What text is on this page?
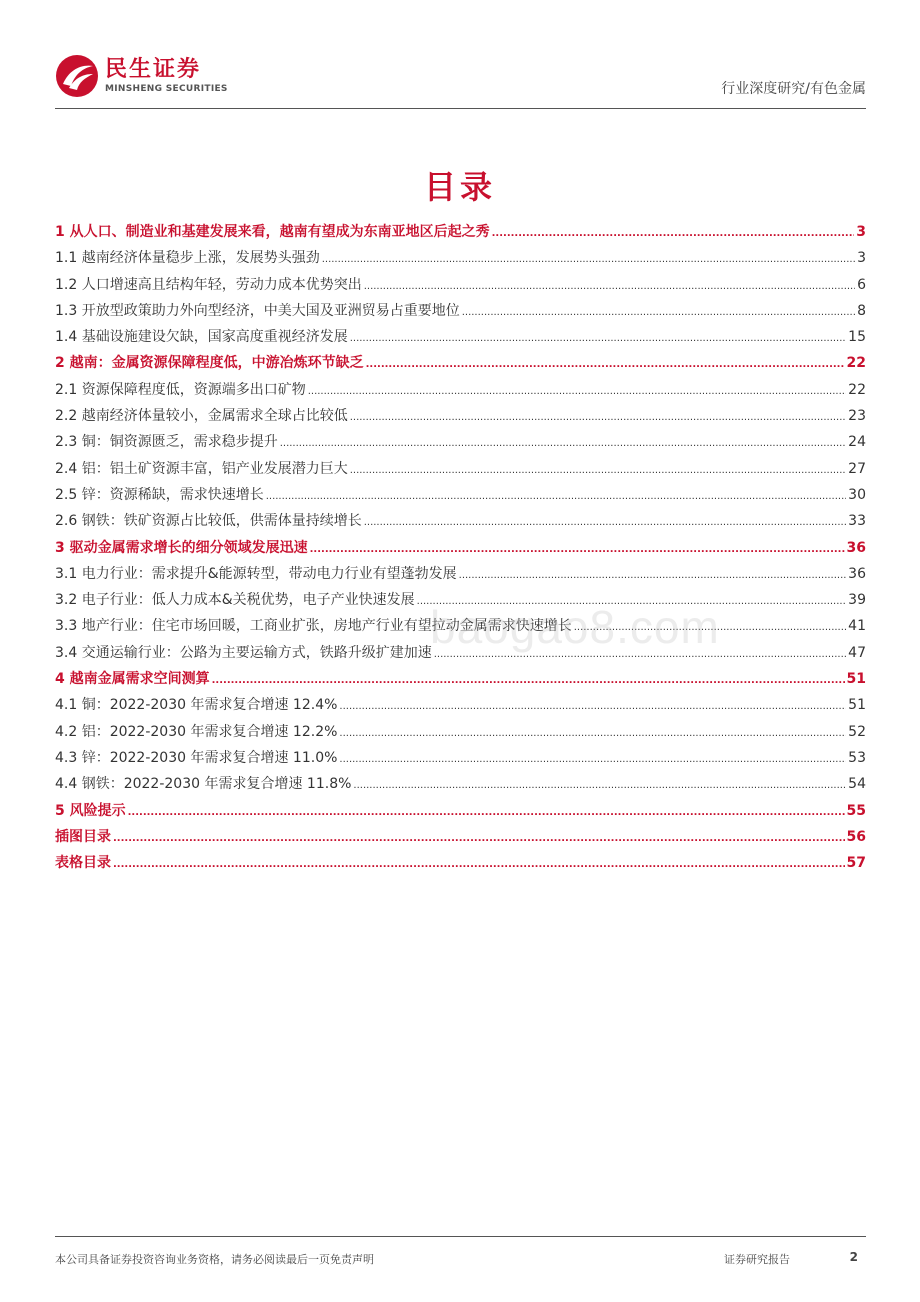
民生证券
MINSHENG SECURITIES	行业深度研究/有色金属
目录
1 从人口、制造业和基建发展来看，越南有望成为东南亚地区后起之秀 .....	3
1.1 越南经济体量稳步上涨，发展势头强劲 .....	3
1.2 人口增速高且结构年轻，劳动力成本优势突出 .....	6
1.3 开放型政策助力外向型经济，中美大国及亚洲贸易占重要地位 .....	8
1.4 基础设施建设欠缺，国家高度重视经济发展 .....	15
2 越南：金属资源保障程度低，中游冶炼环节缺乏 .....	22
2.1 资源保障程度低，资源端多出口矿物 .....	22
2.2 越南经济体量较小，金属需求全球占比较低 .....	23
2.3 铜：铜资源匮乏，需求稳步提升 .....	24
2.4 铝：铝土矿资源丰富，铝产业发展潜力巨大 .....	27
2.5 锌：资源稀缺，需求快速增长 .....	30
2.6 钢铁：铁矿资源占比较低，供需体量持续增长 .....	33
3 驱动金属需求增长的细分领域发展迅速 .....	36
3.1 电力行业：需求提升&能源转型，带动电力行业有望蓬勃发展 .....	36
3.2 电子行业：低人力成本&关税优势，电子产业快速发展 .....	39
3.3 地产行业：住宅市场回暖，工商业扩张，房地产行业有望拉动金属需求快速增长 .....	41
3.4 交通运输行业：公路为主要运输方式，铁路升级扩建加速 .....	47
4 越南金属需求空间测算 .....	51
4.1 铜：2022-2030 年需求复合增速 12.4% .....	51
4.2 铝：2022-2030 年需求复合增速 12.2% .....	52
4.3 锌：2022-2030 年需求复合增速 11.0% .....	53
4.4 钢铁：2022-2030 年需求复合增速 11.8% .....	54
5 风险提示 .....	55
插图目录 .....	56
表格目录 .....	57
baogao8.com
本公司具备证券投资咨询业务资格，请务必阅读最后一页免责声明	证券研究报告	2
